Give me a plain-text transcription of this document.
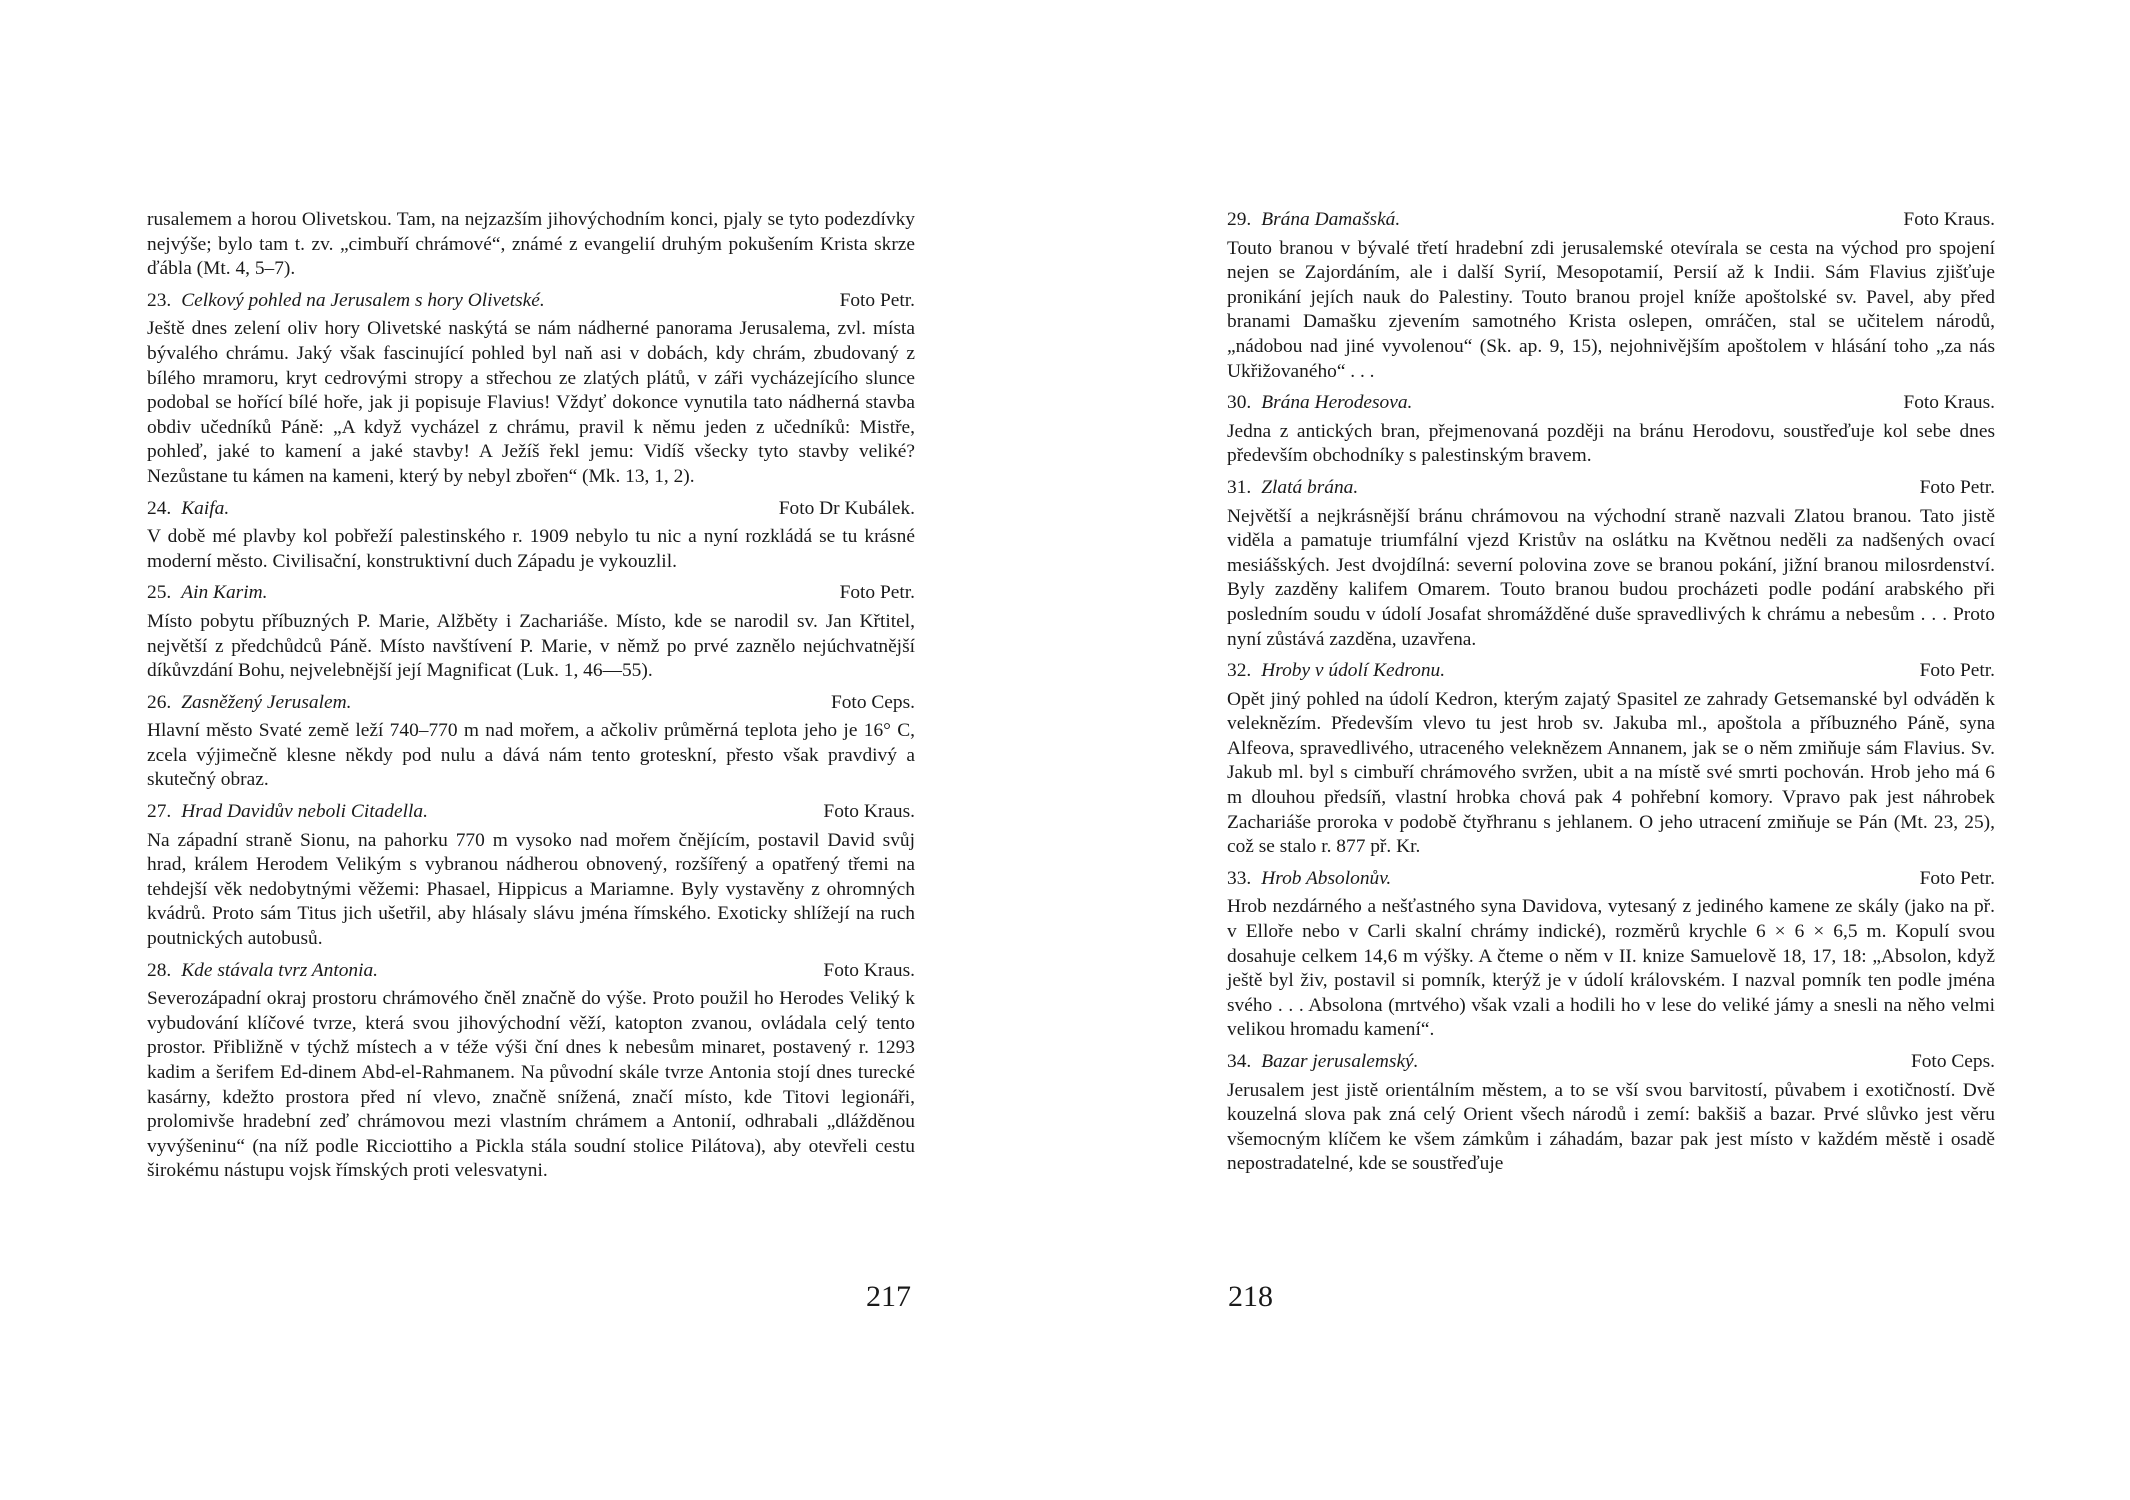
rusalemem a horou Olivetskou. Tam, na nejzazším jihovýchodním konci, pjaly se tyto podezdívky nejvýše; bylo tam t. zv. „cimbuří chrámové“, známé z evangelií druhým pokušením Krista skrze ďábla (Mt. 4, 5–7).

23. Celkový pohled na Jerusalem s hory Olivetské.	Foto Petr.

Ještě dnes zelení oliv hory Olivetské naskýtá se nám nádherné panorama Jerusalema, zvl. místa bývalého chrámu. Jaký však fascinující pohled byl naň asi v dobách, kdy chrám, zbudovaný z bílého mramoru, kryt cedrovými stropy a střechou ze zlatých plátů, v záři vycházejícího slunce podobal se hořící bílé hoře, jak ji popisuje Flavius! Vždyť dokonce vynutila tato nádherná stavba obdiv učedníků Páně: „A když vycházel z chrámu, pravil k němu jeden z učedníků: Mistře, pohleď, jaké to kamení a jaké stavby! A Ježíš řekl jemu: Vidíš všecky tyto stavby veliké? Nezůstane tu kámen na kameni, který by nebyl zbořen“ (Mk. 13, 1, 2).

24. Kaifa.	Foto Dr Kubálek.

V době mé plavby kol pobřeží palestinského r. 1909 nebylo tu nic a nyní rozkládá se tu krásné moderní město. Civilisační, konstruktivní duch Západu je vykouzlil.

25. Ain Karim.	Foto Petr.

Místo pobytu příbuzných P. Marie, Alžběty i Zachariáše. Místo, kde se narodil sv. Jan Křtitel, největší z předchůdců Páně. Místo navštívení P. Marie, v němž po prvé zaznělo nejúchvatnější díkůvzdání Bohu, nejvelebnější její Magnificat (Luk. 1, 46—55).

26. Zasněžený Jerusalem.	Foto Ceps.

Hlavní město Svaté země leží 740–770 m nad mořem, a ačkoliv průměrná teplota jeho je 16° C, zcela výjimečně klesne někdy pod nulu a dává nám tento groteskní, přesto však pravdivý a skutečný obraz.

27. Hrad Davidův neboli Citadella.	Foto Kraus.

Na západní straně Sionu, na pahorku 770 m vysoko nad mořem čnějícím, postavil David svůj hrad, králem Herodem Velikým s vybranou nádherou obnovený, rozšířený a opatřený třemi na tehdejší věk nedobytnými věžemi: Phasael, Hippicus a Mariamne. Byly vystavěny z ohromných kvádrů. Proto sám Titus jich ušetřil, aby hlásaly slávu jména římského. Exoticky shlížejí na ruch poutnických autobusů.

28. Kde stávala tvrz Antonia.	Foto Kraus.

Severozápadní okraj prostoru chrámového čněl značně do výše. Proto použil ho Herodes Veliký k vybudování klíčové tvrze, která svou jihovýchodní věží, katopton zvanou, ovládala celý tento prostor. Přibližně v týchž místech a v téže výši ční dnes k nebesům minaret, postavený r. 1293 kadim a šerifem Ed-dinem Abd-el-Rahmanem. Na původní skále tvrze Antonia stojí dnes turecké kasárny, kdežto prostora před ní vlevo, značně snížená, značí místo, kde Titovi legionáři, prolomivše hradební zeď chrámovou mezi vlastním chrámem a Antonií, odhrabali „dlážděnou vyvýšeninu“ (na níž podle Ricciottiho a Pickla stála soudní stolice Pilátova), aby otevřeli cestu širokému nástupu vojsk římských proti velesvatyni.

217
29. Brána Damašská.	Foto Kraus.

Touto branou v bývalé třetí hradební zdi jerusalemské otevírala se cesta na východ pro spojení nejen se Zajordáním, ale i další Syrií, Mesopotamií, Persií až k Indii. Sám Flavius zjišťuje pronikání jejích nauk do Palestiny. Touto branou projel kníže apoštolské sv. Pavel, aby před branami Damašku zjevením samotného Krista oslepen, omráčen, stal se učitelem národů, „nádobou nad jiné vyvolenou“ (Sk. ap. 9, 15), nejohnivějším apoštolem v hlásání toho „za nás Ukřižovaného“ . . .

30. Brána Herodesova.	Foto Kraus.

Jedna z antických bran, přejmenovaná později na bránu Herodovu, soustřeďuje kol sebe dnes především obchodníky s palestinským bravem.

31. Zlatá brána.	Foto Petr.

Největší a nejkrásnější bránu chrámovou na východní straně nazvali Zlatou branou. Tato jistě viděla a pamatuje triumfální vjezd Kristův na oslátku na Květnou neděli za nadšených ovací mesiášských. Jest dvojdílná: severní polovina zove se branou pokání, jižní branou milosrdenství. Byly zazděny kalifem Omarem. Touto branou budou procházeti podle podání arabského při posledním soudu v údolí Josafat shromážděné duše spravedlivých k chrámu a nebesům . . . Proto nyní zůstává zazděna, uzavřena.

32. Hroby v údolí Kedronu.	Foto Petr.

Opět jiný pohled na údolí Kedron, kterým zajatý Spasitel ze zahrady Getsemanské byl odváděn k veleknězím. Především vlevo tu jest hrob sv. Jakuba ml., apoštola a příbuzného Páně, syna Alfeova, spravedlivého, utraceného veleknězem Annanem, jak se o něm zmiňuje sám Flavius. Sv. Jakub ml. byl s cimbuří chrámového svržen, ubit a na místě své smrti pochován. Hrob jeho má 6 m dlouhou předsíň, vlastní hrobka chová pak 4 pohřební komory. Vpravo pak jest náhrobek Zachariáše proroka v podobě čtyřhranu s jehlanem. O jeho utracení zmiňuje se Pán (Mt. 23, 25), což se stalo r. 877 př. Kr.

33. Hrob Absolonův.	Foto Petr.

Hrob nezdárného a nešťastného syna Davidova, vytesaný z jediného kamene ze skály (jako na př. v Elloře nebo v Carli skalní chrámy indické), rozměrů krychle 6 × 6 × 6,5 m. Kopulí svou dosahuje celkem 14,6 m výšky. A čteme o něm v II. knize Samuelově 18, 17, 18: „Absolon, když ještě byl živ, postavil si pomník, kterýž je v údolí královském. I nazval pomník ten podle jména svého . . . Absolona (mrtvého) však vzali a hodili ho v lese do veliké jámy a snesli na něho velmi velikou hromadu kamení“.

34. Bazar jerusalemský.	Foto Ceps.

Jerusalem jest jistě orientálním městem, a to se vší svou barvitostí, půvabem i exotičností. Dvě kouzelná slova pak zná celý Orient všech národů i zemí: bakšiš a bazar. Prvé slůvko jest věru všemocným klíčem ke všem zámkům i záhadám, bazar pak jest místo v každém městě i osadě nepostradatelné, kde se soustřeďuje

218
